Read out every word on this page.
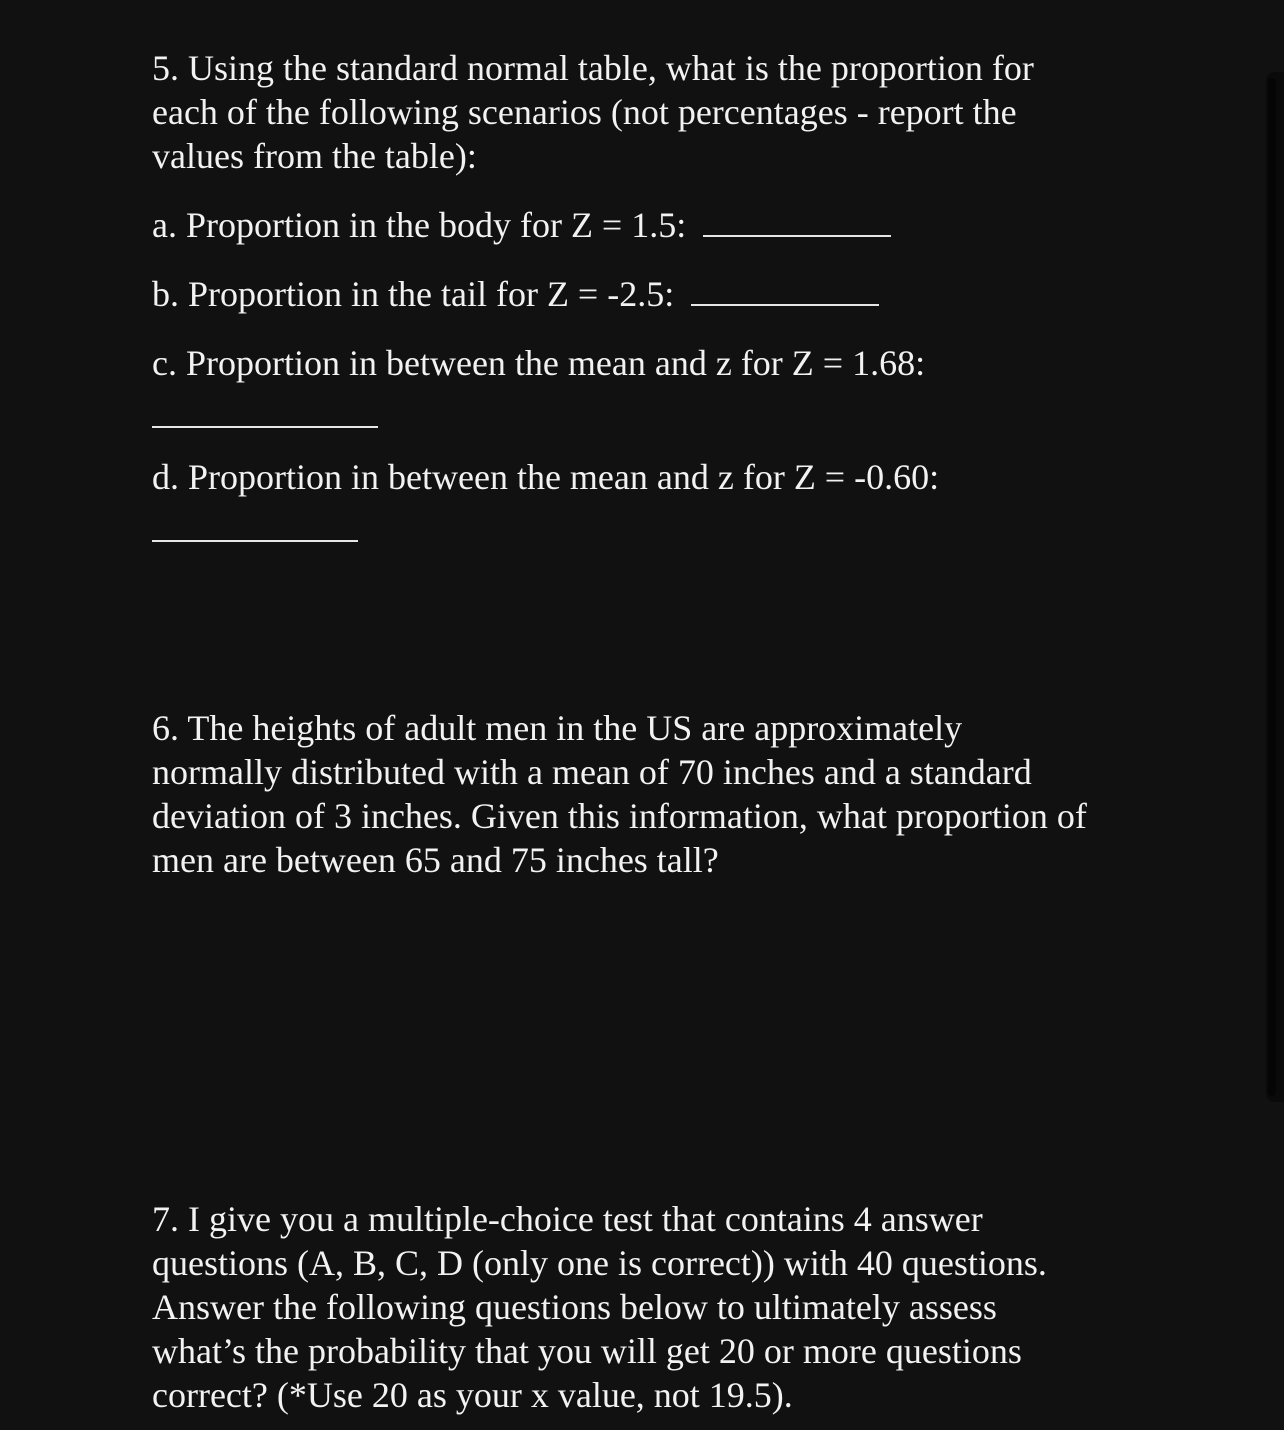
5. Using the standard normal table, what is the proportion for
each of the following scenarios (not percentages - report the
values from the table):

a. Proportion in the body for Z = 1.5:
b. Proportion in the tail for Z = -2.5:
c. Proportion in between the mean and z for Z = 1.68:
d. Proportion in between the mean and z for Z = -0.60:

6. The heights of adult men in the US are approximately
normally distributed with a mean of 70 inches and a standard
deviation of 3 inches. Given this information, what proportion of
men are between 65 and 75 inches tall?

7. I give you a multiple-choice test that contains 4 answer
questions (A, B, C, D (only one is correct)) with 40 questions.
Answer the following questions below to ultimately assess
what’s the probability that you will get 20 or more questions
correct? (*Use 20 as your x value, not 19.5).
